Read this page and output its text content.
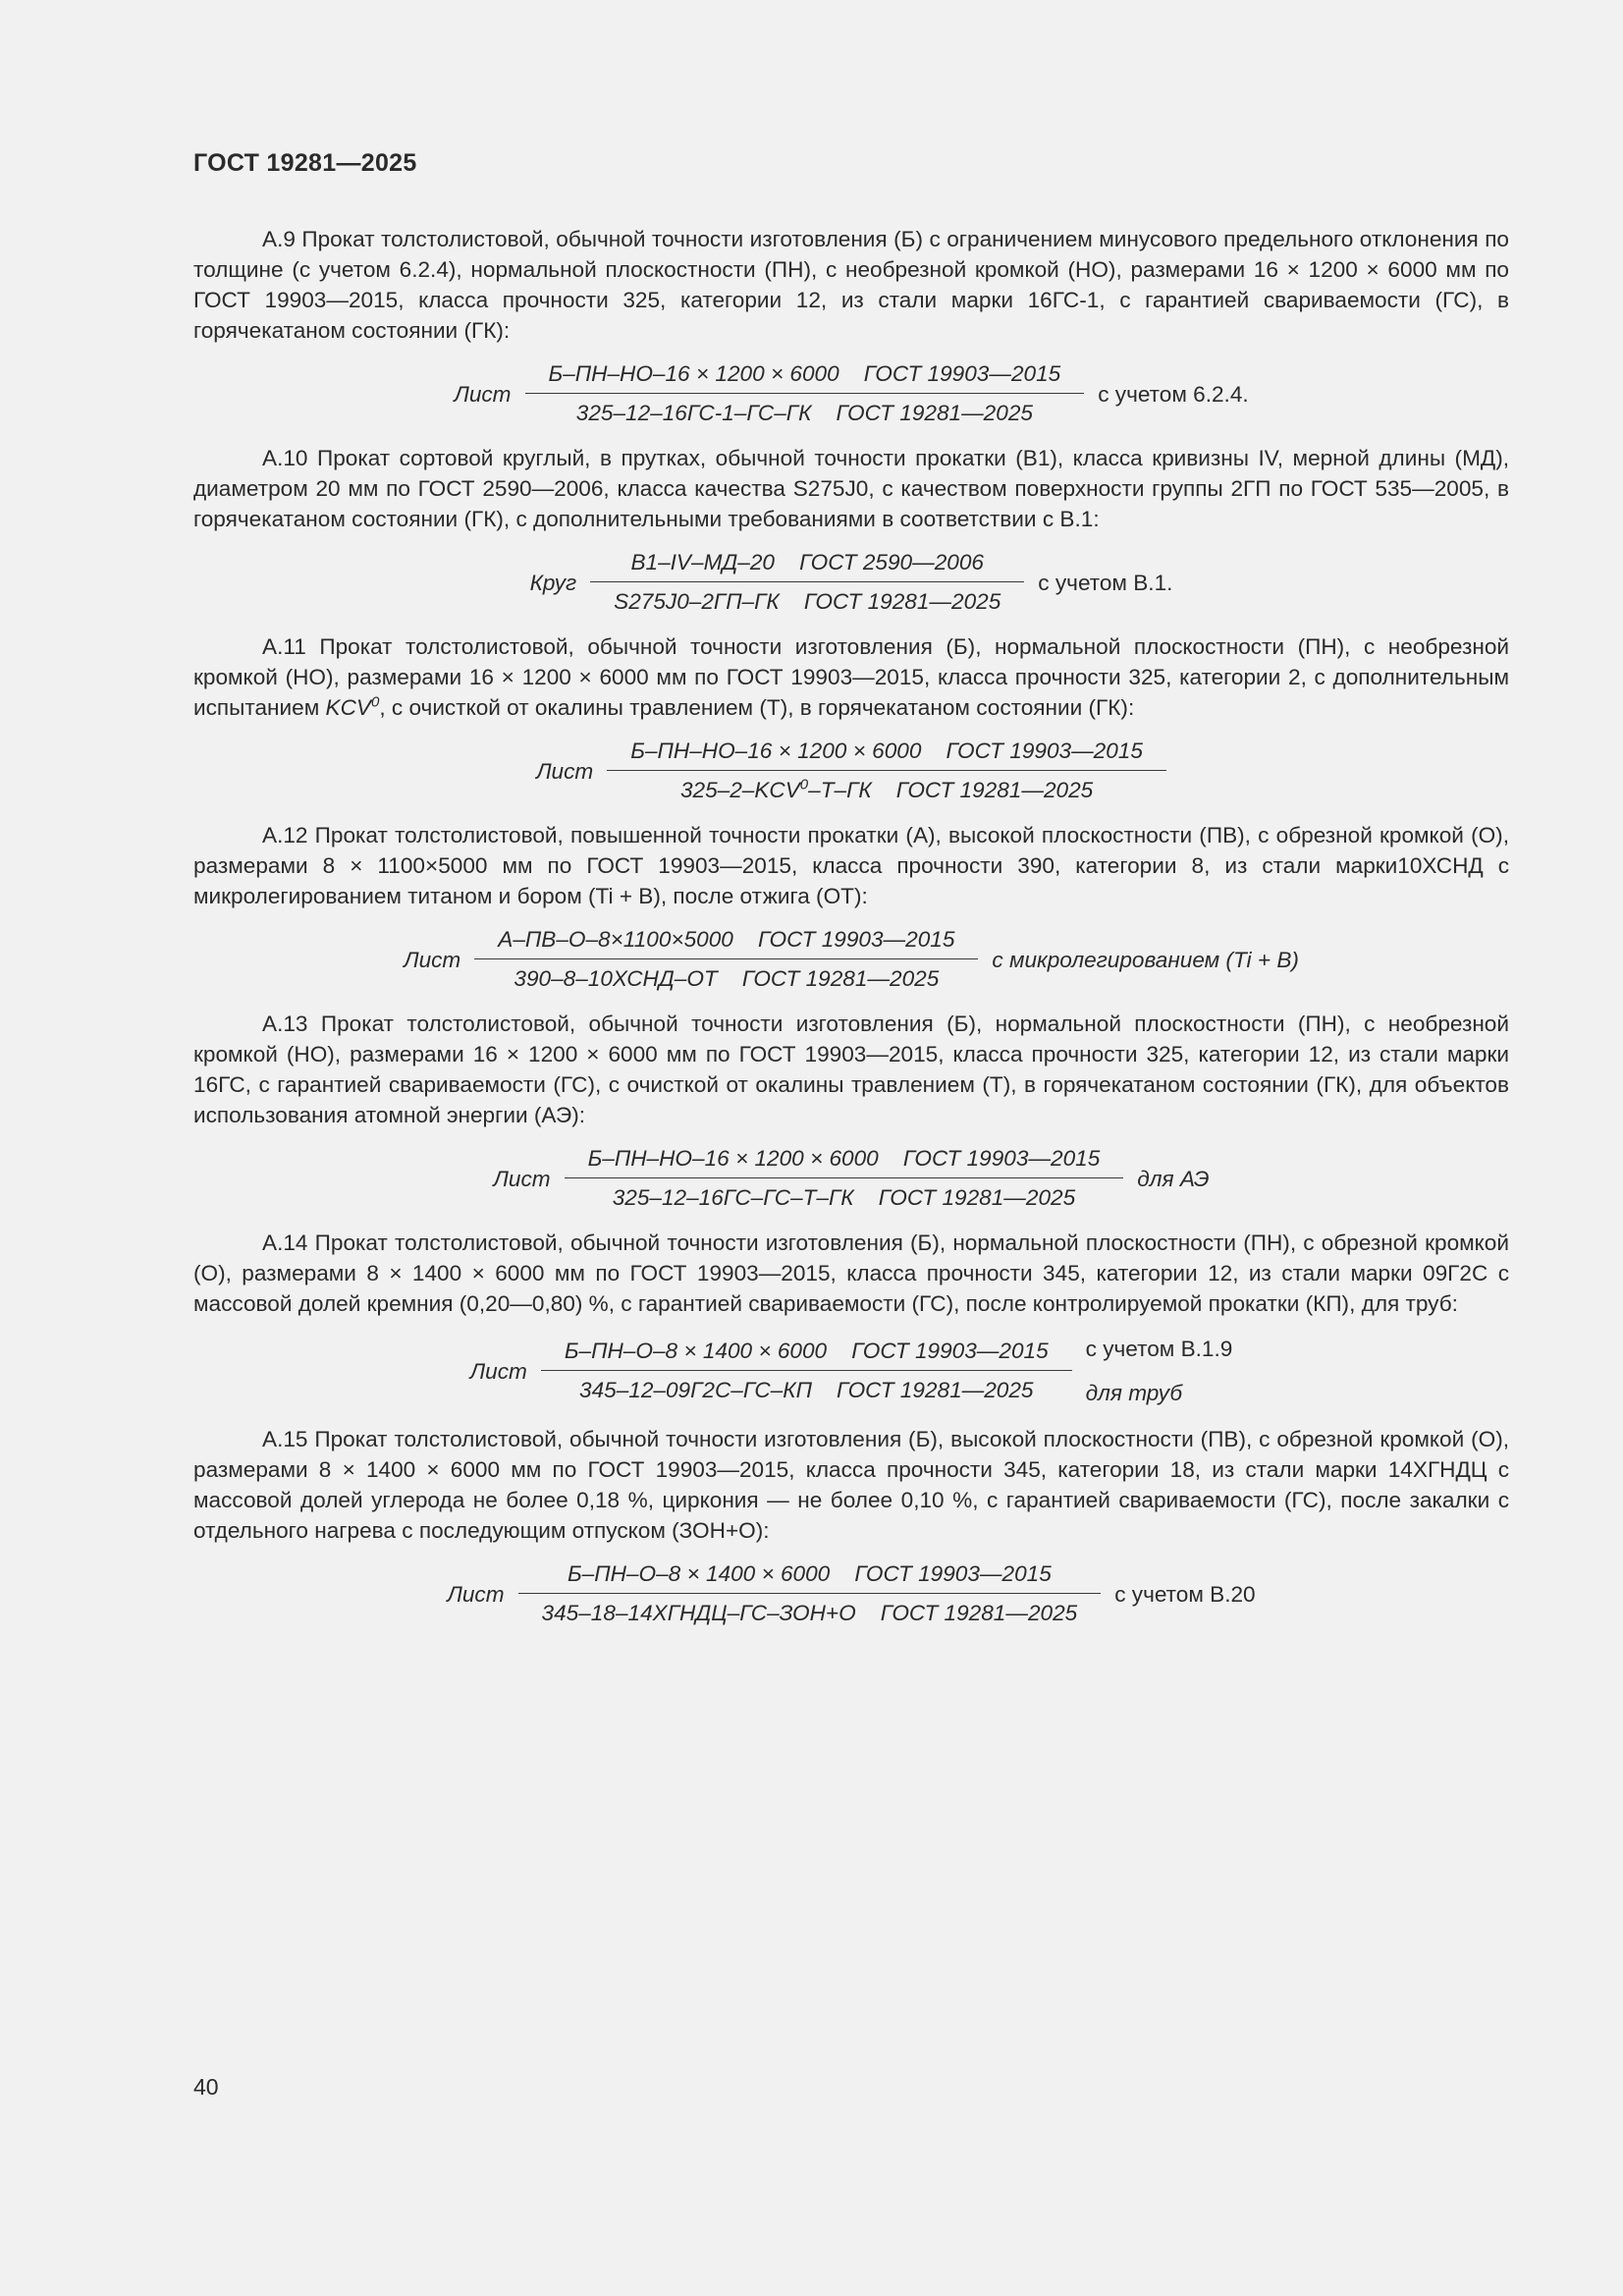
ГОСТ 19281—2025

А.9 Прокат толстолистовой, обычной точности изготовления (Б) с ограничением минусового предельного отклонения по толщине (с учетом 6.2.4), нормальной плоскостности (ПН), с необрезной кромкой (НО), размерами 16 × 1200 × 6000 мм по ГОСТ 19903—2015, класса прочности 325, категории 12, из стали марки 16ГС-1, с гарантией свариваемости (ГС), в горячекатаном состоянии (ГК):

Лист $\frac{\text{Б–ПН–НО–16 × 1200 × 6000    ГОСТ 19903—2015}}{\text{325–12–16ГС-1–ГС–ГК    ГОСТ 19281—2025}}$ с учетом 6.2.4.

А.10 Прокат сортовой круглый, в прутках, обычной точности прокатки (В1), класса кривизны IV, мерной длины (МД), диаметром 20 мм по ГОСТ 2590—2006, класса качества S275J0, с качеством поверхности группы 2ГП по ГОСТ 535—2005, в горячекатаном состоянии (ГК), с дополнительными требованиями в соответствии с В.1:

Круг $\frac{\text{В1–IV–МД–20    ГОСТ 2590—2006}}{\text{S275J0–2ГП–ГК    ГОСТ 19281—2025}}$ с учетом В.1.

А.11 Прокат толстолистовой, обычной точности изготовления (Б), нормальной плоскостности (ПН), с необрезной кромкой (НО), размерами 16 × 1200 × 6000 мм по ГОСТ 19903—2015, класса прочности 325, категории 2, с дополнительным испытанием KCV$^0$, с очисткой от окалины травлением (Т), в горячекатаном состоянии (ГК):

Лист $\frac{\text{Б–ПН–НО–16 × 1200 × 6000    ГОСТ 19903—2015}}{325-2-KCV^0-Т-ГК ГОСТ 19281—2025}$

А.12 Прокат толстолистовой, повышенной точности прокатки (А), высокой плоскостности (ПВ), с обрезной кромкой (О), размерами 8 × 1100×5000 мм по ГОСТ 19903—2015, класса прочности 390, категории 8, из стали марки10ХСНД с микролегированием титаном и бором (Ti + B), после отжига (ОТ):

Лист $\frac{\text{А–ПВ–О–8×1100×5000    ГОСТ 19903—2015}}{\text{390–8–10ХСНД–ОТ    ГОСТ 19281—2025}}$ с микролегированием (Ti + B)

А.13 Прокат толстолистовой, обычной точности изготовления (Б), нормальной плоскостности (ПН), с необрезной кромкой (НО), размерами 16 × 1200 × 6000 мм по ГОСТ 19903—2015, класса прочности 325, категории 12, из стали марки 16ГС, с гарантией свариваемости (ГС), с очисткой от окалины травлением (Т), в горячекатаном состоянии (ГК), для объектов использования атомной энергии (АЭ):

Лист $\frac{\text{Б–ПН–НО–16 × 1200 × 6000    ГОСТ 19903—2015}}{\text{325–12–16ГС–ГС–Т–ГК    ГОСТ 19281—2025}}$ для АЭ

А.14 Прокат толстолистовой, обычной точности изготовления (Б), нормальной плоскостности (ПН), с обрезной кромкой (О), размерами 8 × 1400 × 6000 мм по ГОСТ 19903—2015, класса прочности 345, категории 12, из стали марки 09Г2С с массовой долей кремния (0,20—0,80) %, с гарантией свариваемости (ГС), после контролируемой прокатки (КП), для труб:

Лист $\frac{\text{Б–ПН–О–8 × 1400 × 6000    ГОСТ 19903—2015}}{\text{345–12–09Г2С–ГС–КП    ГОСТ 19281—2025}}$ с учетом В.1.9
для труб

А.15 Прокат толстолистовой, обычной точности изготовления (Б), высокой плоскостности (ПВ), с обрезной кромкой (О), размерами 8 × 1400 × 6000 мм по ГОСТ 19903—2015, класса прочности 345, категории 18, из стали марки 14ХГНДЦ с массовой долей углерода не более 0,18 %, циркония — не более 0,10 %, с гарантией свариваемости (ГС), после закалки с отдельного нагрева с последующим отпуском (ЗОН+О):

Лист $\frac{\text{Б–ПН–О–8 × 1400 × 6000    ГОСТ 19903—2015}}{\text{345–18–14ХГНДЦ–ГС–ЗОН+О    ГОСТ 19281—2025}}$ с учетом В.20
40
